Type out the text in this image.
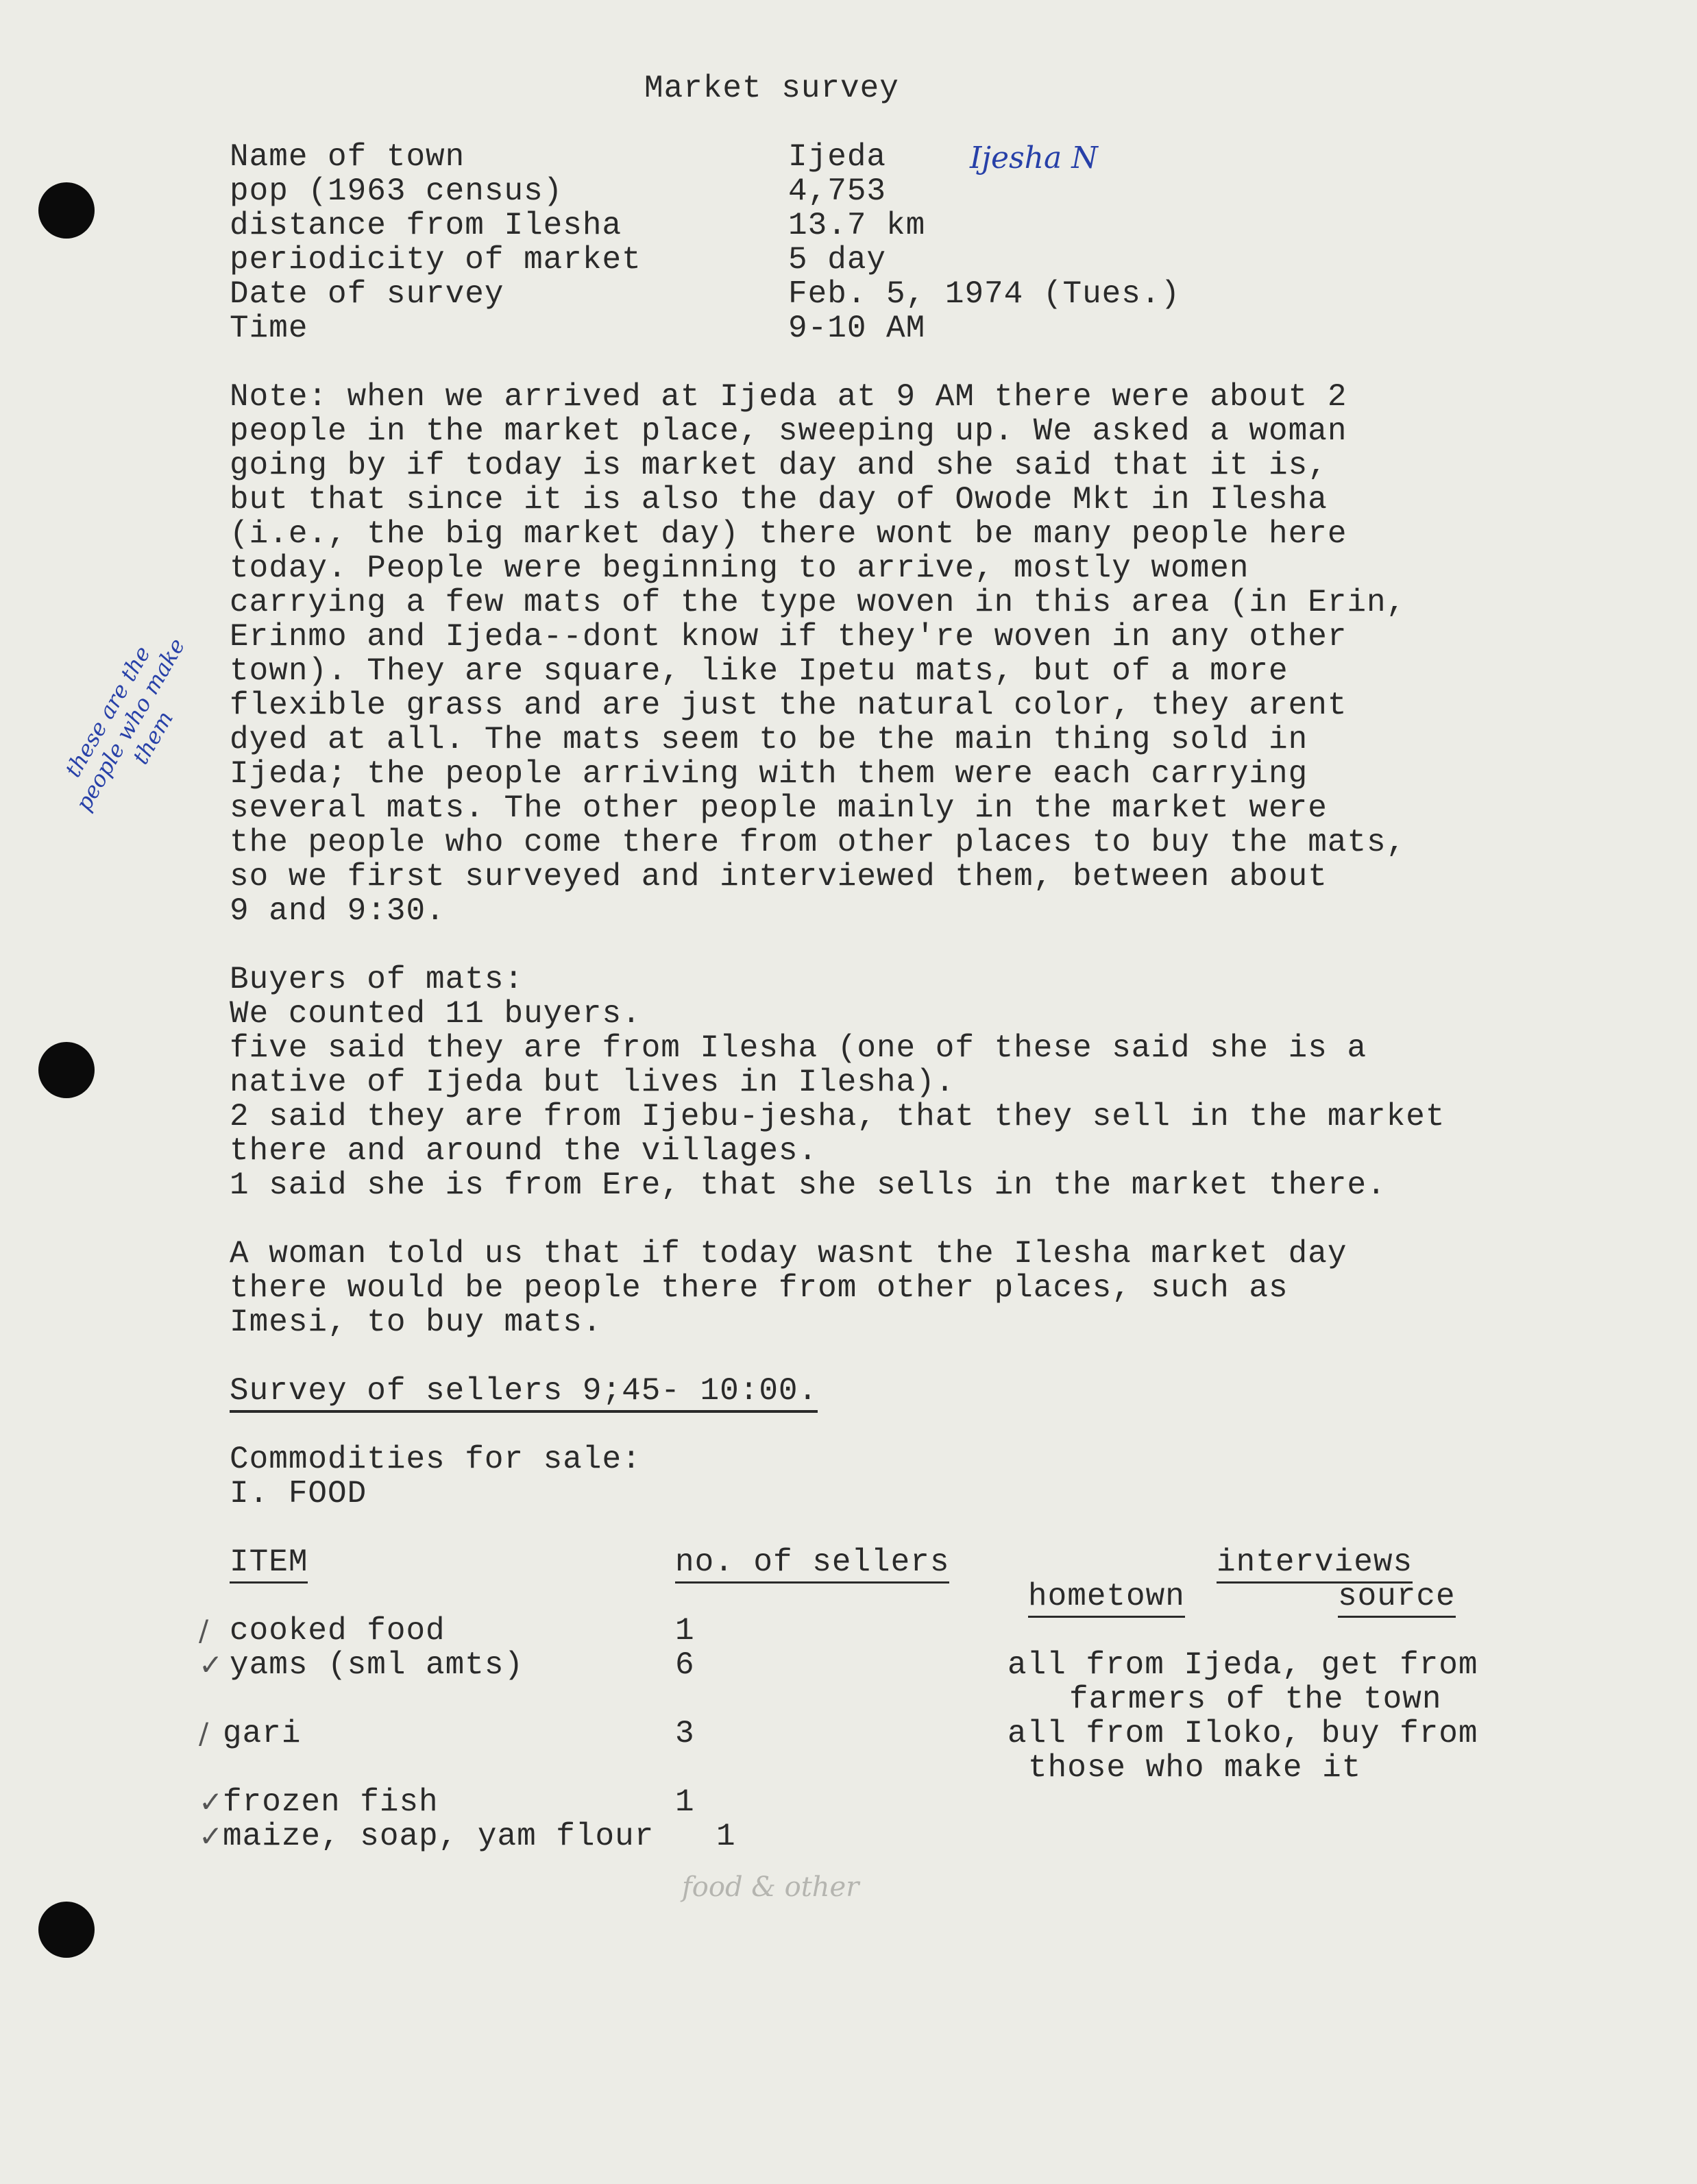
Market survey
Name of town	Ijeda
pop (1963 census)	4,753
distance from Ilesha	13.7 km
periodicity of market	5 day
Date of survey	Feb. 5, 1974 (Tues.)
Time	9-10 AM
Ijesha N
Note: when we arrived at Ijeda at 9 AM there were about 2
people in the market place, sweeping up. We asked a woman
going by if today is market day and she said that it is,
but that since it is also the day of Owode Mkt in Ilesha
(i.e., the big market day) there wont be many people here
today. People were beginning to arrive, mostly women
carrying a few mats of the type woven in this area (in Erin,
Erinmo and Ijeda--dont know if they're woven in any other
town). They are square, like Ipetu mats, but of a more
flexible grass and are just the natural color, they arent
dyed at all. The mats seem to be the main thing sold in
Ijeda; the people arriving with them were each carrying
several mats. The other people mainly in the market were
the people who come there from other places to buy the mats,
so we first surveyed and interviewed them, between about
9 and 9:30.
these are the people who make them
Buyers of mats:
We counted 11 buyers.
five said they are from Ilesha (one of these said she is a
native of Ijeda but lives in Ilesha).
2 said they are from Ijebu-jesha, that they sell in the market
there and around the villages.
1 said she is from Ere, that she sells in the market there.
A woman told us that if today wasnt the Ilesha market day
there would be people there from other places, such as
Imesi, to buy mats.
Survey of sellers 9;45- 10:00.
Commodities for sale:
I. FOOD
ITEM	no. of sellers	interviews
hometown	source
/ cooked food	1
✓ yams (sml amts)	6	all from Ijeda, get from
farmers of the town
/ gari	3	all from Iloko, buy from
those who make it
✓ frozen fish	1
✓ maize, soap, yam flour 1
food & other
